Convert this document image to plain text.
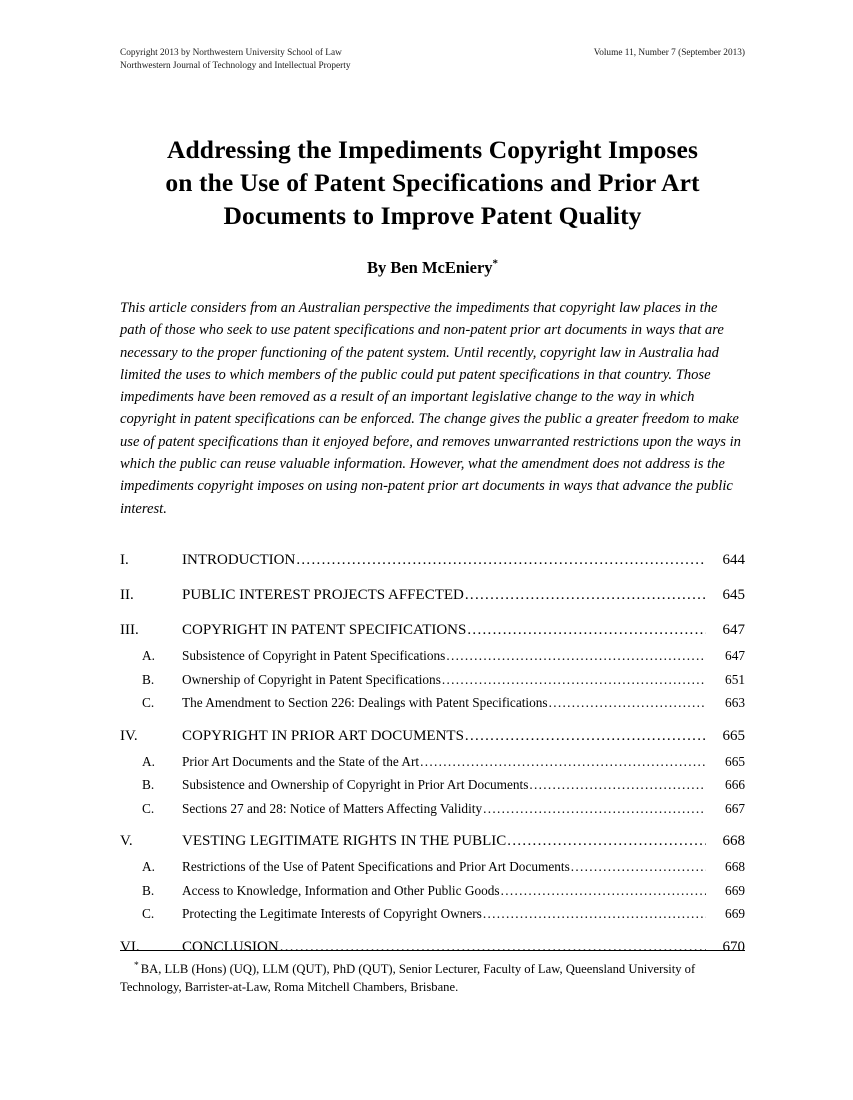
Copyright 2013 by Northwestern University School of Law
Northwestern Journal of Technology and Intellectual Property
Volume 11, Number 7 (September 2013)
Addressing the Impediments Copyright Imposes
on the Use of Patent Specifications and Prior Art
Documents to Improve Patent Quality

By Ben McEniery*

This article considers from an Australian perspective the impediments that copyright law places in the path of those who seek to use patent specifications and non-patent prior art documents in ways that are necessary to the proper functioning of the patent system. Until recently, copyright law in Australia had limited the uses to which members of the public could put patent specifications in that country. Those impediments have been removed as a result of an important legislative change to the way in which copyright in patent specifications can be enforced. The change gives the public a greater freedom to make use of patent specifications than it enjoyed before, and removes unwarranted restrictions upon the ways in which the public can reuse valuable information. However, what the amendment does not address is the impediments copyright imposes on using non-patent prior art documents in ways that advance the public interest.

I.	INTRODUCTION .....	644
II.	PUBLIC INTEREST PROJECTS AFFECTED .....	645
III.	COPYRIGHT IN PATENT SPECIFICATIONS .....	647
A.	Subsistence of Copyright in Patent Specifications .....	647
B.	Ownership of Copyright in Patent Specifications .....	651
C.	The Amendment to Section 226: Dealings with Patent Specifications .....	663
IV.	COPYRIGHT IN PRIOR ART DOCUMENTS .....	665
A.	Prior Art Documents and the State of the Art .....	665
B.	Subsistence and Ownership of Copyright in Prior Art Documents .....	666
C.	Sections 27 and 28: Notice of Matters Affecting Validity .....	667
V.	VESTING LEGITIMATE RIGHTS IN THE PUBLIC .....	668
A.	Restrictions of the Use of Patent Specifications and Prior Art Documents .....	668
B.	Access to Knowledge, Information and Other Public Goods .....	669
C.	Protecting the Legitimate Interests of Copyright Owners .....	669
VI.	CONCLUSION .....	670

* BA, LLB (Hons) (UQ), LLM (QUT), PhD (QUT), Senior Lecturer, Faculty of Law, Queensland University of Technology, Barrister-at-Law, Roma Mitchell Chambers, Brisbane.
